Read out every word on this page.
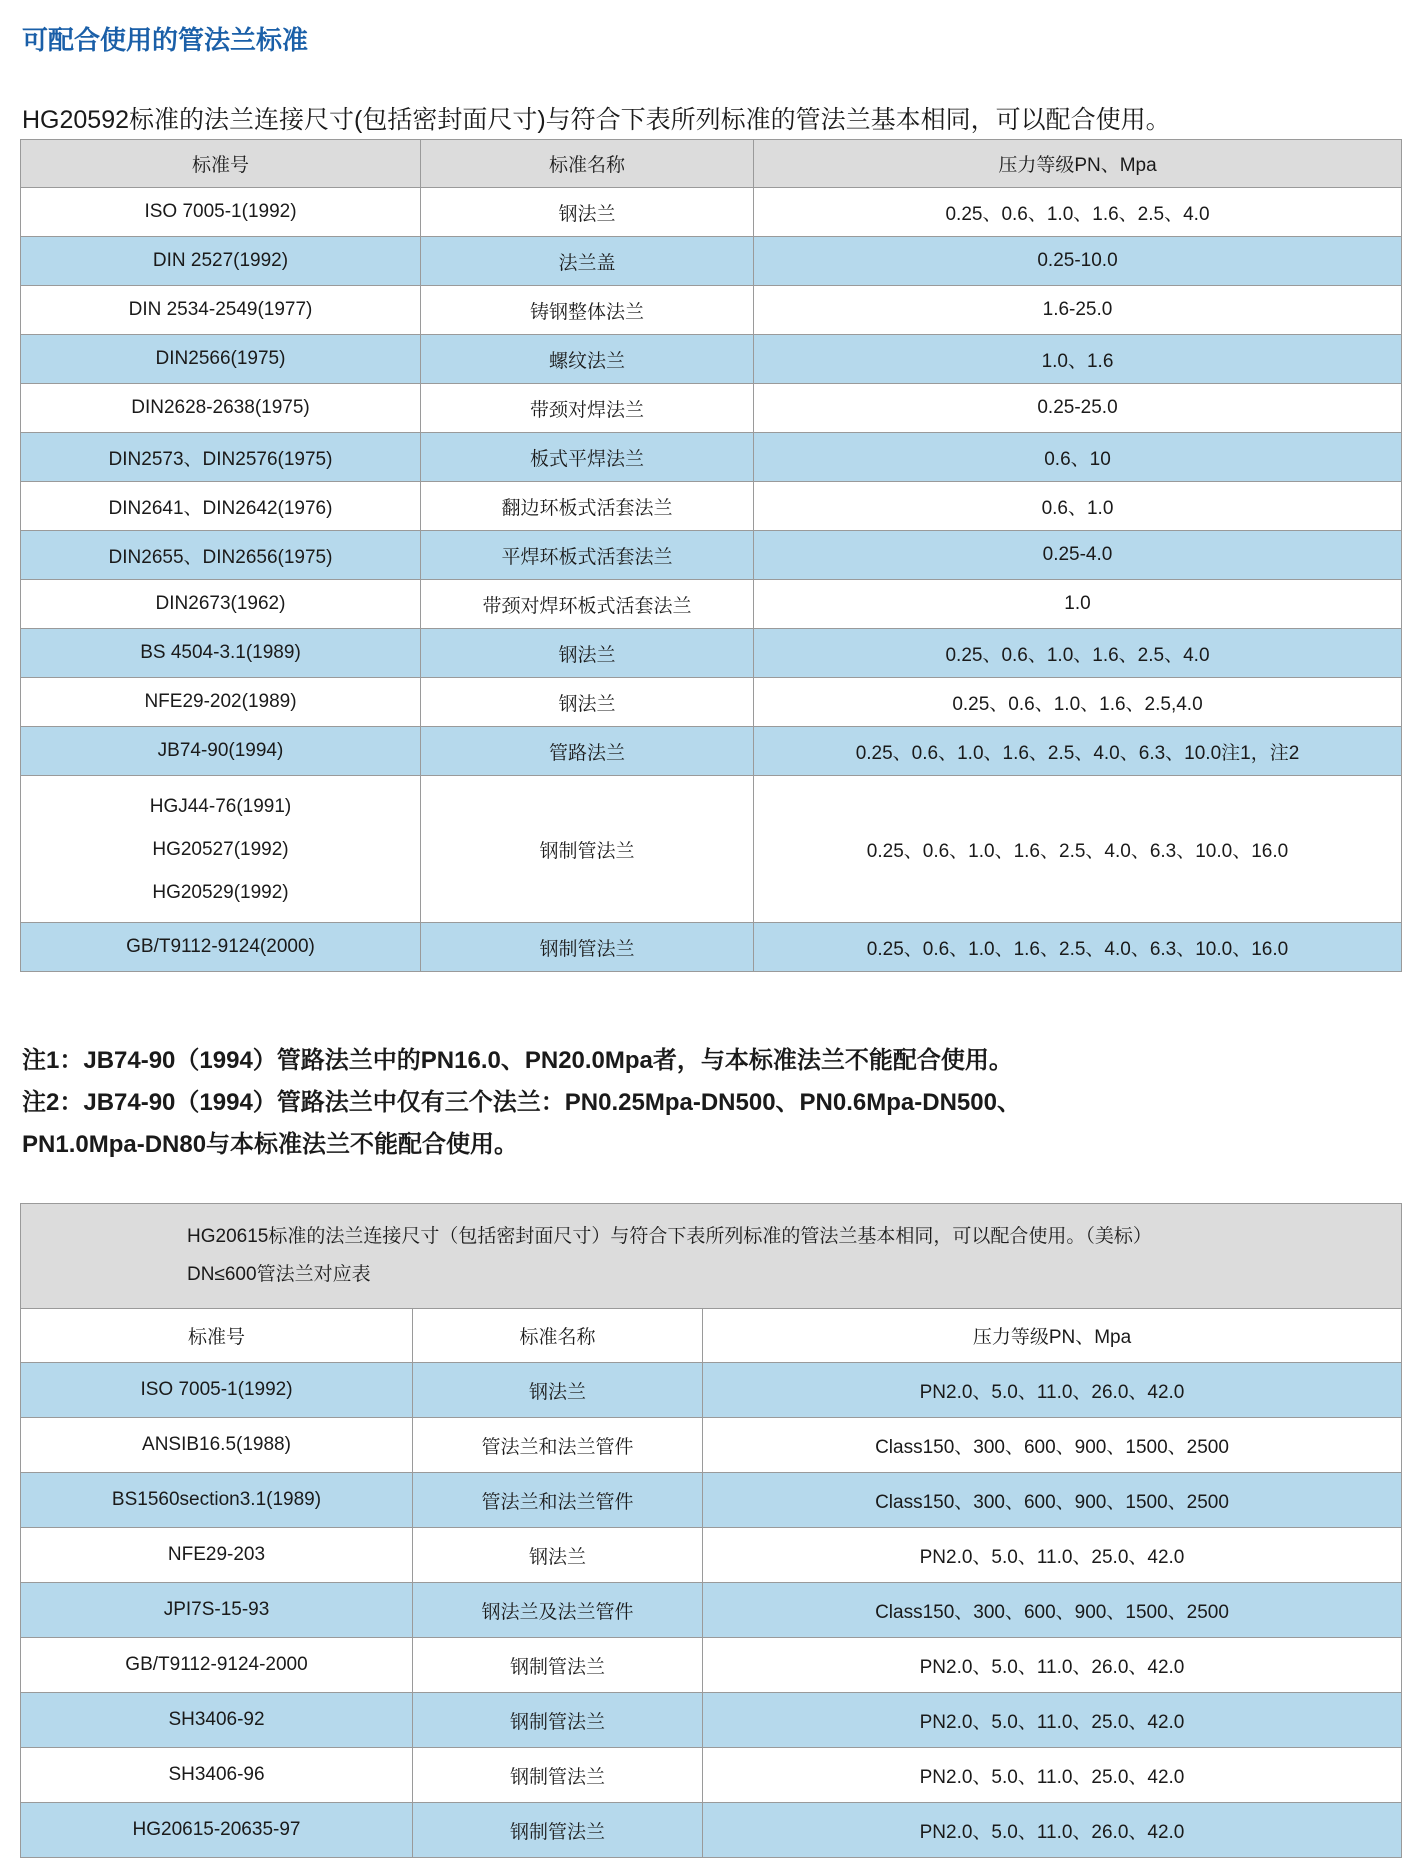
可配合使用的管法兰标准
HG20592标准的法兰连接尺寸(包括密封面尺寸)与符合下表所列标准的管法兰基本相同，可以配合使用。
标准号	标准名称	压力等级PN、Mpa
ISO 7005-1(1992)	钢法兰	0.25、0.6、1.0、1.6、2.5、4.0
DIN 2527(1992)	法兰盖	0.25-10.0
DIN 2534-2549(1977)	铸钢整体法兰	1.6-25.0
DIN2566(1975)	螺纹法兰	1.0、1.6
DIN2628-2638(1975)	带颈对焊法兰	0.25-25.0
DIN2573、DIN2576(1975)	板式平焊法兰	0.6、10
DIN2641、DIN2642(1976)	翻边环板式活套法兰	0.6、1.0
DIN2655、DIN2656(1975)	平焊环板式活套法兰	0.25-4.0
DIN2673(1962)	带颈对焊环板式活套法兰	1.0
BS 4504-3.1(1989)	钢法兰	0.25、0.6、1.0、1.6、2.5、4.0
NFE29-202(1989)	钢法兰	0.25、0.6、1.0、1.6、2.5,4.0
JB74-90(1994)	管路法兰	0.25、0.6、1.0、1.6、2.5、4.0、6.3、10.0注1，注2

HGJ44-76(1991)
HG20527(1992)
HG20529(1992)	钢制管法兰	0.25、0.6、1.0、1.6、2.5、4.0、6.3、10.0、16.0
GB/T9112-9124(2000)	钢制管法兰	0.25、0.6、1.0、1.6、2.5、4.0、6.3、10.0、16.0

注1：JB74-90（1994）管路法兰中的PN16.0、PN20.0Mpa者，与本标准法兰不能配合使用。

注2：JB74-90（1994）管路法兰中仅有三个法兰：PN0.25Mpa-DN500、PN0.6Mpa-DN500、

PN1.0Mpa-DN80与本标准法兰不能配合使用。

HG20615标准的法兰连接尺寸（包括密封面尺寸）与符合下表所列标准的管法兰基本相同，可以配合使用。（美标）
DN≤600管法兰对应表		

标准号	标准名称	压力等级PN、Mpa
ISO 7005-1(1992)	钢法兰	PN2.0、5.0、11.0、26.0、42.0
ANSIB16.5(1988)	管法兰和法兰管件	Class150、300、600、900、1500、2500
BS1560section3.1(1989)	管法兰和法兰管件	Class150、300、600、900、1500、2500
NFE29-203	钢法兰	PN2.0、5.0、11.0、25.0、42.0
JPI7S-15-93	钢法兰及法兰管件	Class150、300、600、900、1500、2500
GB/T9112-9124-2000	钢制管法兰	PN2.0、5.0、11.0、26.0、42.0
SH3406-92	钢制管法兰	PN2.0、5.0、11.0、25.0、42.0
SH3406-96	钢制管法兰	PN2.0、5.0、11.0、25.0、42.0
HG20615-20635-97	钢制管法兰	PN2.0、5.0、11.0、26.0、42.0
